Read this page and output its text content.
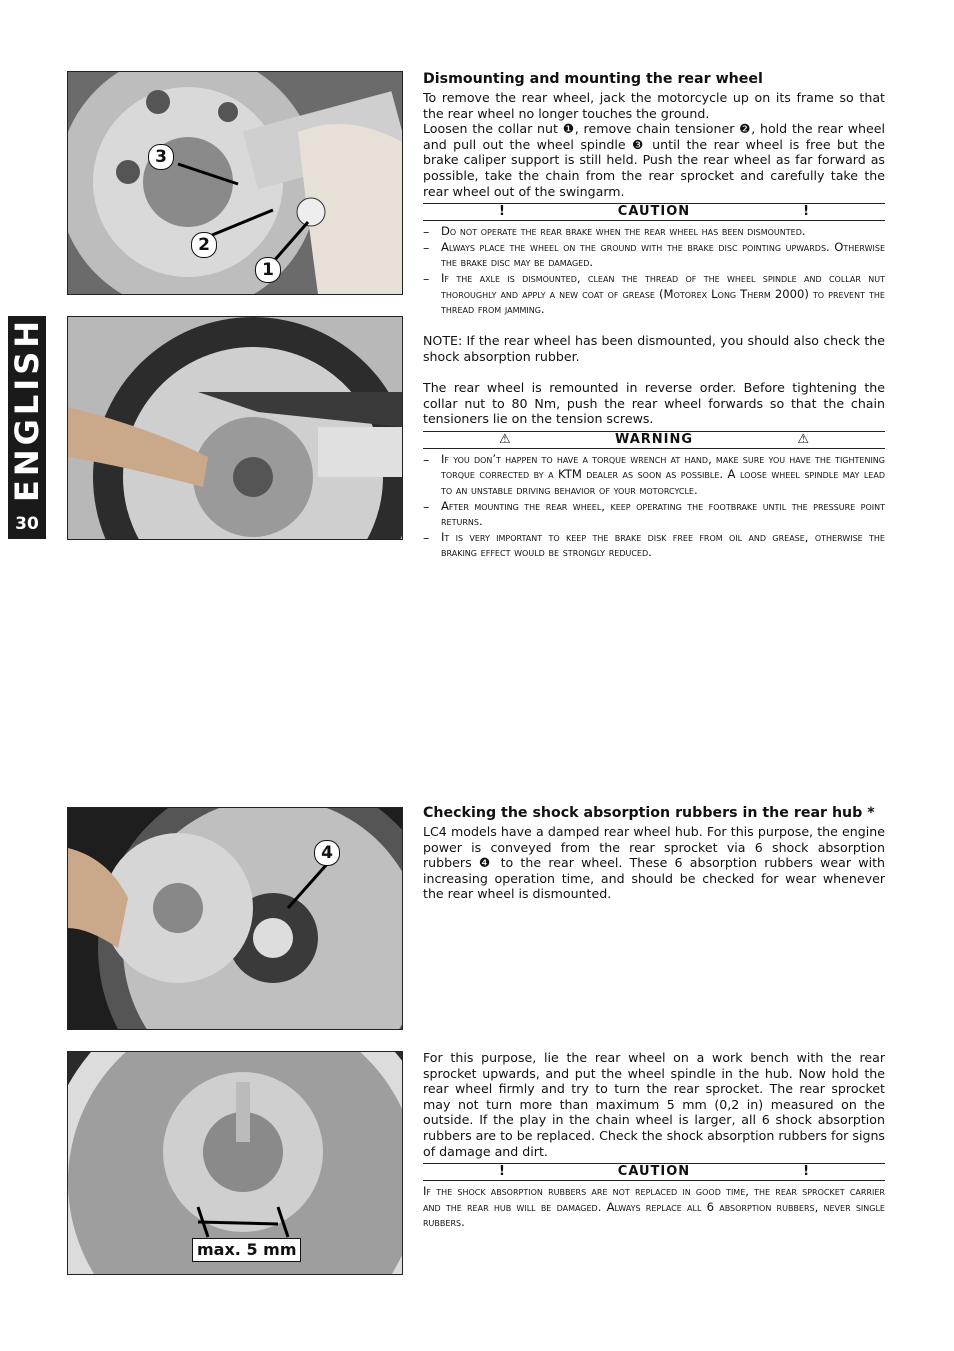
ENGLISH
30
3
2
1
4
max. 5 mm
Dismounting and mounting the rear wheel

To remove the rear wheel, jack the motorcycle up on its frame so that the rear wheel no longer touches the ground.

Loosen the collar nut ❶, remove chain tensioner ❷, hold the rear wheel and pull out the wheel spindle ❸ until the rear wheel is free but the brake caliper support is still held. Push the rear wheel as far forward as possible, take the chain from the rear sprocket and carefully take the rear wheel out of the swingarm.

!	CAUTION	!
–	Do not operate the rear brake when the rear wheel has been dismounted.
–	Always place the wheel on the ground with the brake disc pointing upwards. Otherwise the brake disc may be damaged.
–	If the axle is dismounted, clean the thread of the wheel spindle and collar nut thoroughly and apply a new coat of grease (Motorex Long Therm 2000) to prevent the thread from jamming.

NOTE: If the rear wheel has been dismounted, you should also check the shock absorption rubber.

The rear wheel is remounted in reverse order. Before tightening the collar nut to 80 Nm, push the rear wheel forwards so that the chain tensioners lie on the tension screws.

⚠	WARNING	⚠
–	If you don’t happen to have a torque wrench at hand, make sure you have the tightening torque corrected by a KTM dealer as soon as possible. A loose wheel spindle may lead to an unstable driving behavior of your motorcycle.
–	After mounting the rear wheel, keep operating the footbrake until the pressure point returns.
–	It is very important to keep the brake disk free from oil and grease, otherwise the braking effect would be strongly reduced.
Checking the shock absorption rubbers in the rear hub *

LC4 models have a damped rear wheel hub. For this purpose, the engine power is conveyed from the rear sprocket via 6 shock absorption rubbers ❹ to the rear wheel. These 6 absorption rubbers wear with increasing operation time, and should be checked for wear whenever the rear wheel is dismounted.

For this purpose, lie the rear wheel on a work bench with the rear sprocket upwards, and put the wheel spindle in the hub. Now hold the rear wheel firmly and try to turn the rear sprocket. The rear sprocket may not turn more than maximum 5 mm (0,2 in) measured on the outside. If the play in the chain wheel is larger, all 6 shock absorption rubbers are to be replaced. Check the shock absorption rubbers for signs of damage and dirt.

!	CAUTION	!

If the shock absorption rubbers are not replaced in good time, the rear sprocket carrier and the rear hub will be damaged. Always replace all 6 absorption rubbers, never single rubbers.
